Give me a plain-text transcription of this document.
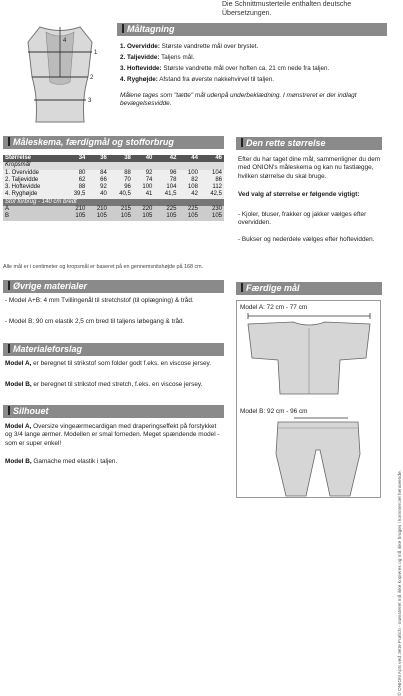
Die Schnittmusterteile enthalten deutsche Übersetzungen.
1
2
3
4
Måltagning
1. Overvidde: Største vandrette mål over brystet.
2. Taljevidde: Taljens mål.
3. Hoftevidde: Største vandrette mål over hoften ca. 21 cm nede fra taljen.
4. Ryghøjde: Afstand fra øverste nakkehvirvel til taljen.
Målene tages som "tætte" mål udenpå underbeklædning. I mønstreret er der indlagt bevægelsesvidde.
Måleskema, færdigmål og stofforbrug
Størrelse	34	36	38	40	42	44	46
Kropsmål							
1. Overvidde	80	84	88	92	96	100	104
2. Taljevidde	62	66	70	74	78	82	86
3. Hoftevidde	88	92	96	100	104	108	112
4. Ryghøjde	39,5	40	40,5	41	41,5	42	42,5
Stof forbrug - 140 cm bredt							
A	210	210	215	220	225	225	230
B	105	105	105	105	105	105	105
Alle mål er i centimeter og kropsmål er baseret på en gennemsnitshøjde på 168 cm.
Øvrige materialer
- Model A+B: 4 mm Tvillingenål til stretchstof (til oplægning) & tråd.
- Model B: 90 cm elastik 2,5 cm bred til taljens løbegang & tråd.
Materialeforslag
Model A, er beregnet til strikstof som folder godt f.eks. en viscose jersey.
Model B, er beregnet til strikstof med stretch, f.eks. en viscose jersey.
Silhouet
Model A, Oversize vingeærmecardigan med draperingseffekt på forstykket og 3/4 lange ærmer. Modellen er smal forneden. Meget spændende model - som er super enkel!
Model B, Gamache med elastik i taljen.
Den rette størrelse
Efter du har taget dine mål, sammenligner du dem med ONION's måleskema og kan nu fastlægge, hvilken størrelse du skal bruge.
Ved valg af størrelse er følgende vigtigt:
- Kjoler, bluser, frakker og jakker vælges efter overvidden.
- Bukser og nederdele vælges efter hoftevidden.
Færdige mål
Model A: 72 cm - 77 cm
Model B: 92 cm - 96 cm
© ONION ApS ved Jette Frølich - mønsteret må ikke kopieres og må ikke bruges i kommerciel henseende.
